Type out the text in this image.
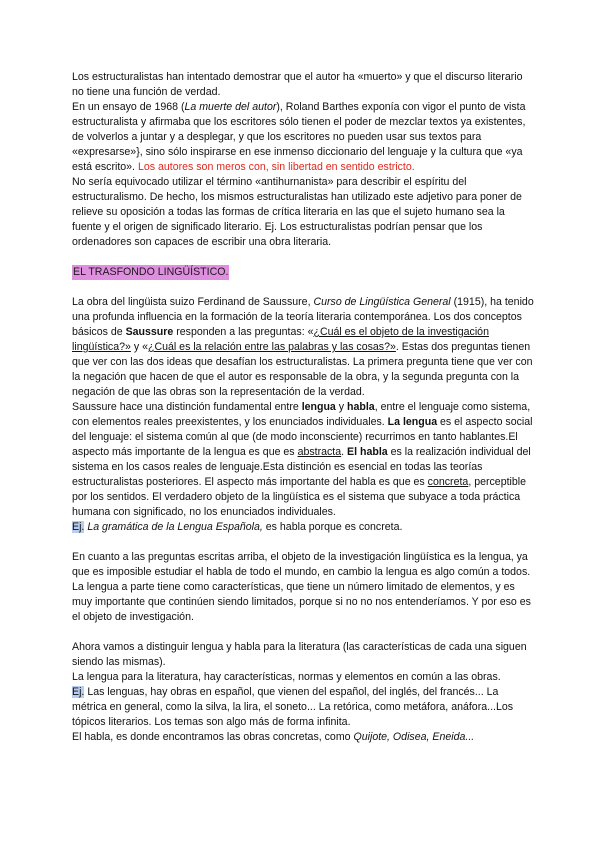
Los estructuralistas han intentado demostrar que el autor ha «muerto» y que el discurso literario no tiene una función de verdad.
En un ensayo de 1968 (La muerte del autor), Roland Barthes exponía con vigor el punto de vista estructuralista y afirmaba que los escritores sólo tienen el poder de mezclar textos ya existentes, de volverlos a juntar y a desplegar, y que los escritores no pueden usar sus textos para «expresarse»}, sino sólo inspirarse en ese inmenso diccionario del lenguaje y la cultura que «ya está escrito». Los autores son meros con, sin libertad en sentido estricto.
No sería equivocado utilizar el término «antihurnanista» para describir el espíritu del estructuralismo. De hecho, los mismos estructuralistas han utilizado este adjetivo para poner de relieve su oposición a todas las formas de crítica literaria en las que el sujeto humano sea la fuente y el origen de significado literario. Ej. Los estructuralistas podrían pensar que los ordenadores son capaces de escribir una obra literaria.

EL TRASFONDO LINGÜÍSTICO.

La obra del lingüista suizo Ferdinand de Saussure, Curso de Lingüística General (1915), ha tenido una profunda influencia en la formación de la teoría literaria contemporánea. Los dos conceptos básicos de Saussure responden a las preguntas: «¿Cuál es el objeto de la investigación lingüística?» y «¿Cuál es la relación entre las palabras y las cosas?». Estas dos preguntas tienen que ver con las dos ideas que desafían los estructuralistas. La primera pregunta tiene que ver con la negación que hacen de que el autor es responsable de la obra, y la segunda pregunta con la negación de que las obras son la representación de la verdad.

Saussure hace una distinción fundamental entre lengua y habla, entre el lenguaje como sistema, con elementos reales preexistentes, y los enunciados individuales. La lengua es el aspecto social del lenguaje: el sistema común al que (de modo inconsciente) recurrimos en tanto hablantes.El aspecto más importante de la lengua es que es abstracta. El habla es la realización individual del sistema en los casos reales de lenguaje.Esta distinción es esencial en todas las teorías estructuralistas posteriores. El aspecto más importante del habla es que es concreta, perceptible por los sentidos. El verdadero objeto de la lingüística es el sistema que subyace a toda práctica humana con significado, no los enunciados individuales.

Ej. La gramática de la Lengua Española, es habla porque es concreta.

En cuanto a las preguntas escritas arriba, el objeto de la investigación lingüística es la lengua, ya que es imposible estudiar el habla de todo el mundo, en cambio la lengua es algo común a todos. La lengua a parte tiene como características, que tiene un número limitado de elementos, y es muy importante que continúen siendo limitados, porque si no no nos entenderíamos. Y por eso es el objeto de investigación.

Ahora vamos a distinguir lengua y habla para la literatura (las características de cada una siguen siendo las mismas).

La lengua para la literatura, hay características, normas y elementos en común a las obras.

Ej. Las lenguas, hay obras en español, que vienen del español, del inglés, del francés... La métrica en general, como la silva, la lira, el soneto... La retórica, como metáfora, anáfora...Los tópicos literarios. Los temas son algo más de forma infinita.

El habla, es donde encontramos las obras concretas, como Quijote, Odisea, Eneida...
